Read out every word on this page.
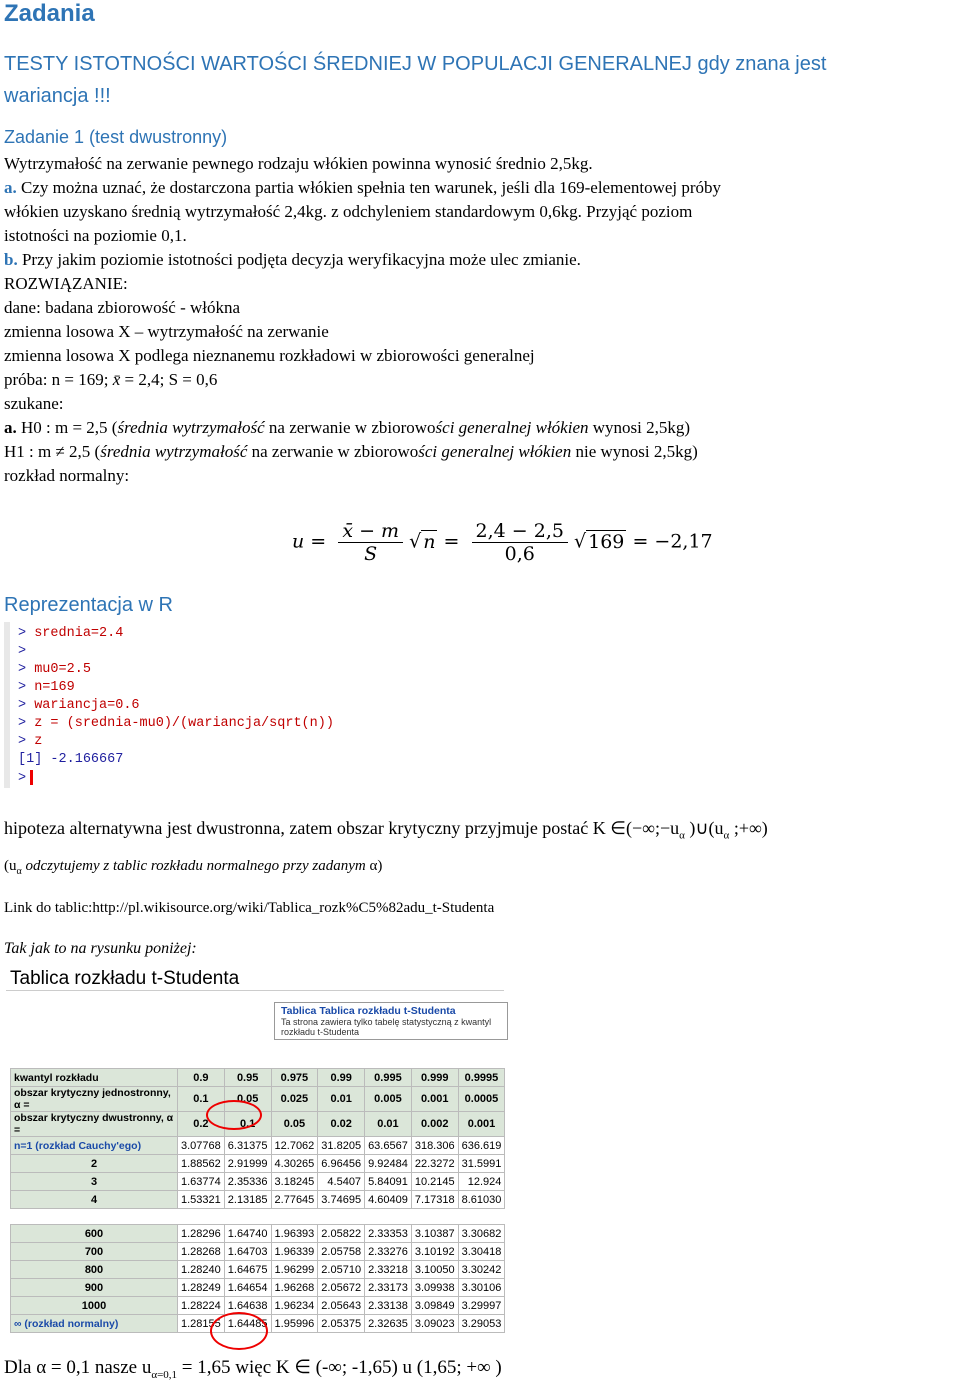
Zadania
TESTY ISTOTNOŚCI WARTOŚCI ŚREDNIEJ W POPULACJI GENERALNEJ gdy znana jest
wariancja !!!
Zadanie 1 (test dwustronny)
Wytrzymałość na zerwanie pewnego rodzaju włókien powinna wynosić średnio 2,5kg.
a. Czy można uznać, że dostarczona partia włókien spełnia ten warunek, jeśli dla 169-elementowej próby
włókien uzyskano średnią wytrzymałość 2,4kg. z odchyleniem standardowym 0,6kg. Przyjąć poziom
istotności na poziomie 0,1.
b. Przy jakim poziomie istotności podjęta decyzja weryfikacyjna może ulec zmianie.
ROZWIĄZANIE:
dane: badana zbiorowość - włókna
zmienna losowa X – wytrzymałość na zerwanie
zmienna losowa X podlega nieznanemu rozkładowi w zbiorowości generalnej
próba: n = 169; x̄ = 2,4; S = 0,6
szukane:
a. H0 : m = 2,5 (średnia wytrzymałość na zerwanie w zbiorowości generalnej włókien wynosi 2,5kg)
H1 : m ≠ 2,5 (średnia wytrzymałość na zerwanie w zbiorowości generalnej włókien nie wynosi 2,5kg)
rozkład normalny:
$u = \frac{x̄ - m}{S}$ √ $n = \frac{2,4 - 2,5}{0,6}$ √ 169 = −2,17
Reprezentacja w R
> srednia=2.4
>
> mu0=2.5
> n=169
> wariancja=0.6
> z = (srednia-mu0)/(wariancja/sqrt(n))
> z
[1] -2.166667
>
hipoteza alternatywna jest dwustronna, zatem obszar krytyczny przyjmuje postać K $\in(-\infty;-u_\alpha$ )$\cup(u_\alpha$ ;+∞)
($u_\alpha$ odczytujemy z tablic rozkładu normalnego przy zadanym α)
Link do tablic:http://pl.wikisource.org/wiki/Tablica_rozk%C5%82adu_t-Studenta
Tak jak to na rysunku poniżej:
Tablica rozkładu t-Studenta
Tablica Tablica rozkładu t-Studenta
Ta strona zawiera tylko tabelę statystyczną z kwantyl rozkładu t-Studenta
kwantyl rozkładu	0.9	0.95	0.975	0.99	0.995	0.999	0.9995
obszar krytyczny jednostronny, α =	0.1	0.05	0.025	0.01	0.005	0.001	0.0005
obszar krytyczny dwustronny, α =	0.2	0.1	0.05	0.02	0.01	0.002	0.001
n=1 (rozkład Cauchy'ego)	3.07768	6.31375	12.7062	31.8205	63.6567	318.306	636.619
2	1.88562	2.91999	4.30265	6.96456	9.92484	22.3272	31.5991
3	1.63774	2.35336	3.18245	4.5407	5.84091	10.2145	12.924
4	1.53321	2.13185	2.77645	3.74695	4.60409	7.17318	8.61030
600	1.28296	1.64740	1.96393	2.05822	2.33353	3.10387	3.30682
700	1.28268	1.64703	1.96339	2.05758	2.33276	3.10192	3.30418
800	1.28240	1.64675	1.96299	2.05710	2.33218	3.10050	3.30242
900	1.28249	1.64654	1.96268	2.05672	2.33173	3.09938	3.30106
1000	1.28224	1.64638	1.96234	2.05643	2.33138	3.09849	3.29997
∞ (rozkład normalny)	1.28155	1.64485	1.95996	2.05375	2.32635	3.09023	3.29053
Dla α = 0,1 nasze $u_{\alpha=0,1} = 1,65$ więc K ∈ (-∞; -1,65) u (1,65; +∞ )
